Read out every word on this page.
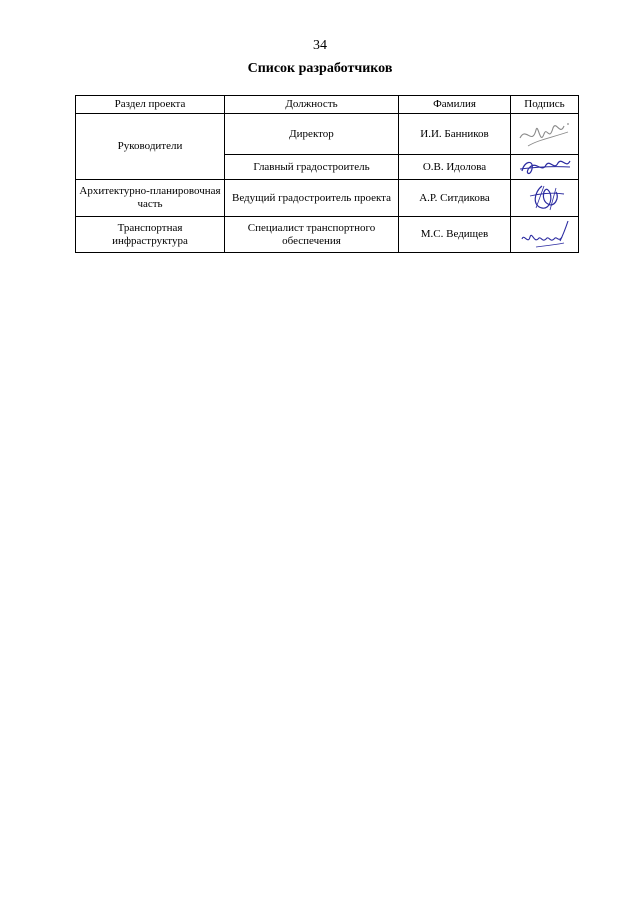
34
Список разработчиков
Раздел проекта	Должность	Фамилия	Подпись
Руководители	Директор	И.И. Банников	

	Главный градостроитель	О.В. Идолова	

Архитектурно-планировочная часть	Ведущий градостроитель проекта	А.Р. Ситдикова	

Транспортная инфраструктура	Специалист транспортного обеспечения	М.С. Ведищев	
